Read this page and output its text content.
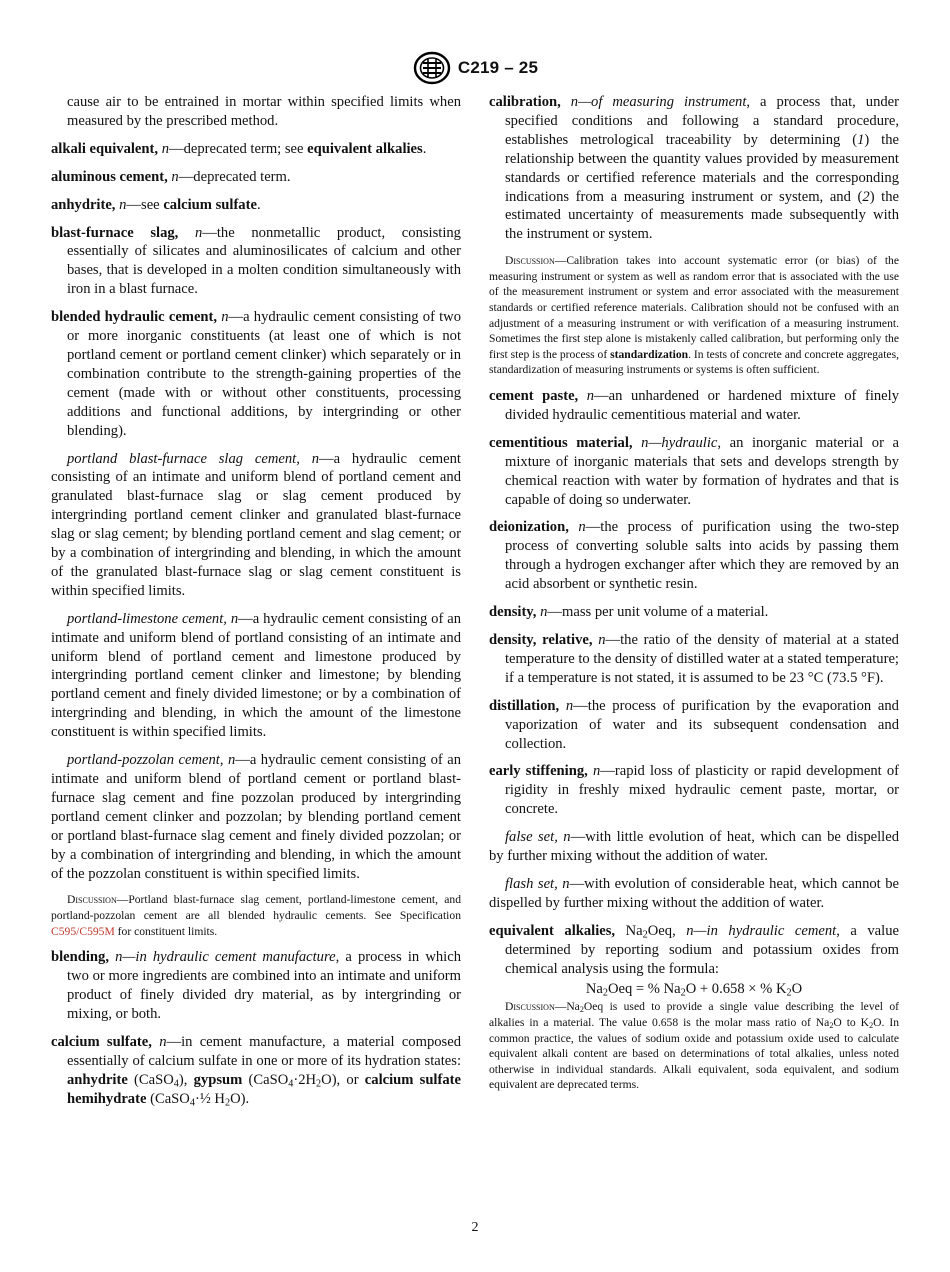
C219 – 25

cause air to be entrained in mortar within specified limits when measured by the prescribed method.

alkali equivalent, n—deprecated term; see equivalent alkalies.

aluminous cement, n—deprecated term.

anhydrite, n—see calcium sulfate.

blast-furnace slag, n—the nonmetallic product, consisting essentially of silicates and aluminosilicates of calcium and other bases, that is developed in a molten condition simultaneously with iron in a blast furnace.

blended hydraulic cement, n—a hydraulic cement consisting of two or more inorganic constituents (at least one of which is not portland cement or portland cement clinker) which separately or in combination contribute to the strength-gaining properties of the cement (made with or without other constituents, processing additions and functional additions, by intergrinding or other blending).

portland blast-furnace slag cement, n—a hydraulic cement consisting of an intimate and uniform blend of portland cement and granulated blast-furnace slag or slag cement produced by intergrinding portland cement clinker and granulated blast-furnace slag or slag cement; by blending portland cement and slag cement; or by a combination of intergrinding and blending, in which the amount of the granulated blast-furnace slag or slag cement constituent is within specified limits.

portland-limestone cement, n—a hydraulic cement consisting of an intimate and uniform blend of portland consisting of an intimate and uniform blend of portland cement and limestone produced by intergrinding portland cement clinker and limestone; by blending portland cement and finely divided limestone; or by a combination of intergrinding and blending, in which the amount of the limestone constituent is within specified limits.

portland-pozzolan cement, n—a hydraulic cement consisting of an intimate and uniform blend of portland cement or portland blast-furnace slag cement and fine pozzolan produced by intergrinding portland cement clinker and pozzolan; by blending portland cement or portland blast-furnace slag cement and finely divided pozzolan; or by a combination of intergrinding and blending, in which the amount of the pozzolan constituent is within specified limits.

Discussion—Portland blast-furnace slag cement, portland-limestone cement, and portland-pozzolan cement are all blended hydraulic cements. See Specification C595/C595M for constituent limits.

blending, n—in hydraulic cement manufacture, a process in which two or more ingredients are combined into an intimate and uniform product of finely divided dry material, as by intergrinding or mixing, or both.

calcium sulfate, n—in cement manufacture, a material composed essentially of calcium sulfate in one or more of its hydration states: anhydrite (CaSO$_4$), gypsum $(CaSO_4\cdot 2H_2O)$, or calcium sulfate hemihydrate (CaSO$_4$·½ $H_2O$).

calibration, n—of measuring instrument, a process that, under specified conditions and following a standard procedure, establishes metrological traceability by determining (1) the relationship between the quantity values provided by measurement standards or certified reference materials and the corresponding indications from a measuring instrument or system, and (2) the estimated uncertainty of measurements made subsequently with the instrument or system.

Discussion—Calibration takes into account systematic error (or bias) of the measuring instrument or system as well as random error that is associated with the use of the measurement instrument or system and error associated with the measurement standards or certified reference materials. Calibration should not be confused with an adjustment of a measuring instrument or with verification of a measuring instrument. Sometimes the first step alone is mistakenly called calibration, but performing only the first step is the process of standardization. In tests of concrete and concrete aggregates, standardization of measuring instruments or systems is often sufficient.

cement paste, n—an unhardened or hardened mixture of finely divided hydraulic cementitious material and water.

cementitious material, n—hydraulic, an inorganic material or a mixture of inorganic materials that sets and develops strength by chemical reaction with water by formation of hydrates and that is capable of doing so underwater.

deionization, n—the process of purification using the two-step process of converting soluble salts into acids by passing them through a hydrogen exchanger after which they are removed by an acid absorbent or synthetic resin.

density, n—mass per unit volume of a material.

density, relative, n—the ratio of the density of material at a stated temperature to the density of distilled water at a stated temperature; if a temperature is not stated, it is assumed to be 23 °C (73.5 °F).

distillation, n—the process of purification by the evaporation and vaporization of water and its subsequent condensation and collection.

early stiffening, n—rapid loss of plasticity or rapid development of rigidity in freshly mixed hydraulic cement paste, mortar, or concrete.

false set, n—with little evolution of heat, which can be dispelled by further mixing without the addition of water.

flash set, n—with evolution of considerable heat, which cannot be dispelled by further mixing without the addition of water.

equivalent alkalies, $Na_2Oeq$, n—in hydraulic cement, a value determined by reporting sodium and potassium oxides from chemical analysis using the formula:

$Na_2Oeq$ = % $Na_2O + 0.658$ × % $K_2O$

$Discussion—Na_2Oeq$ is used to provide a single value describing the level of alkalies in a material. The value 0.658 is the molar mass ratio of $Na_2O$ to $K_2O$. In common practice, the values of sodium oxide and potassium oxide used to calculate equivalent alkali content are based on determinations of total alkalies, unless noted otherwise in individual standards. Alkali equivalent, soda equivalent, and sodium equivalent are deprecated terms.

2
